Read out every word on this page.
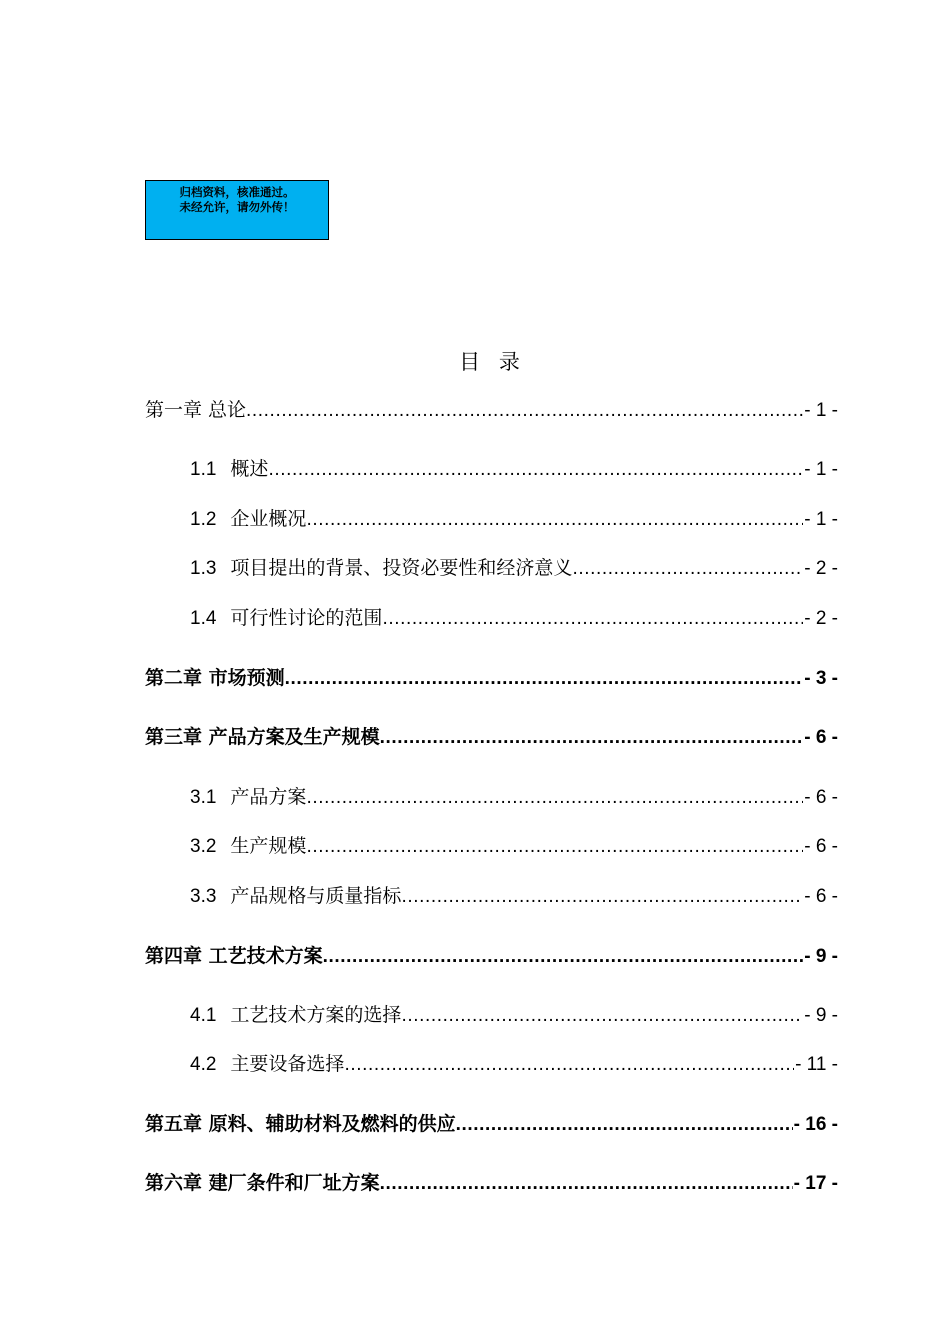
归档资料，核准通过。
未经允许，请勿外传！
目 录
第一章 总论 .....	- 1 -
1.1 概述 .....	- 1 -
1.2 企业概况 .....	- 1 -
1.3 项目提出的背景、投资必要性和经济意义 .....	- 2 -
1.4 可行性讨论的范围 .....	- 2 -
第二章 市场预测 .....	- 3 -
第三章 产品方案及生产规模 .....	- 6 -
3.1 产品方案 .....	- 6 -
3.2 生产规模 .....	- 6 -
3.3 产品规格与质量指标 .....	- 6 -
第四章 工艺技术方案 .....	- 9 -
4.1 工艺技术方案的选择 .....	- 9 -
4.2 主要设备选择 .....	- 11 -
第五章 原料、辅助材料及燃料的供应 .....	- 16 -
第六章 建厂条件和厂址方案 .....	- 17 -
